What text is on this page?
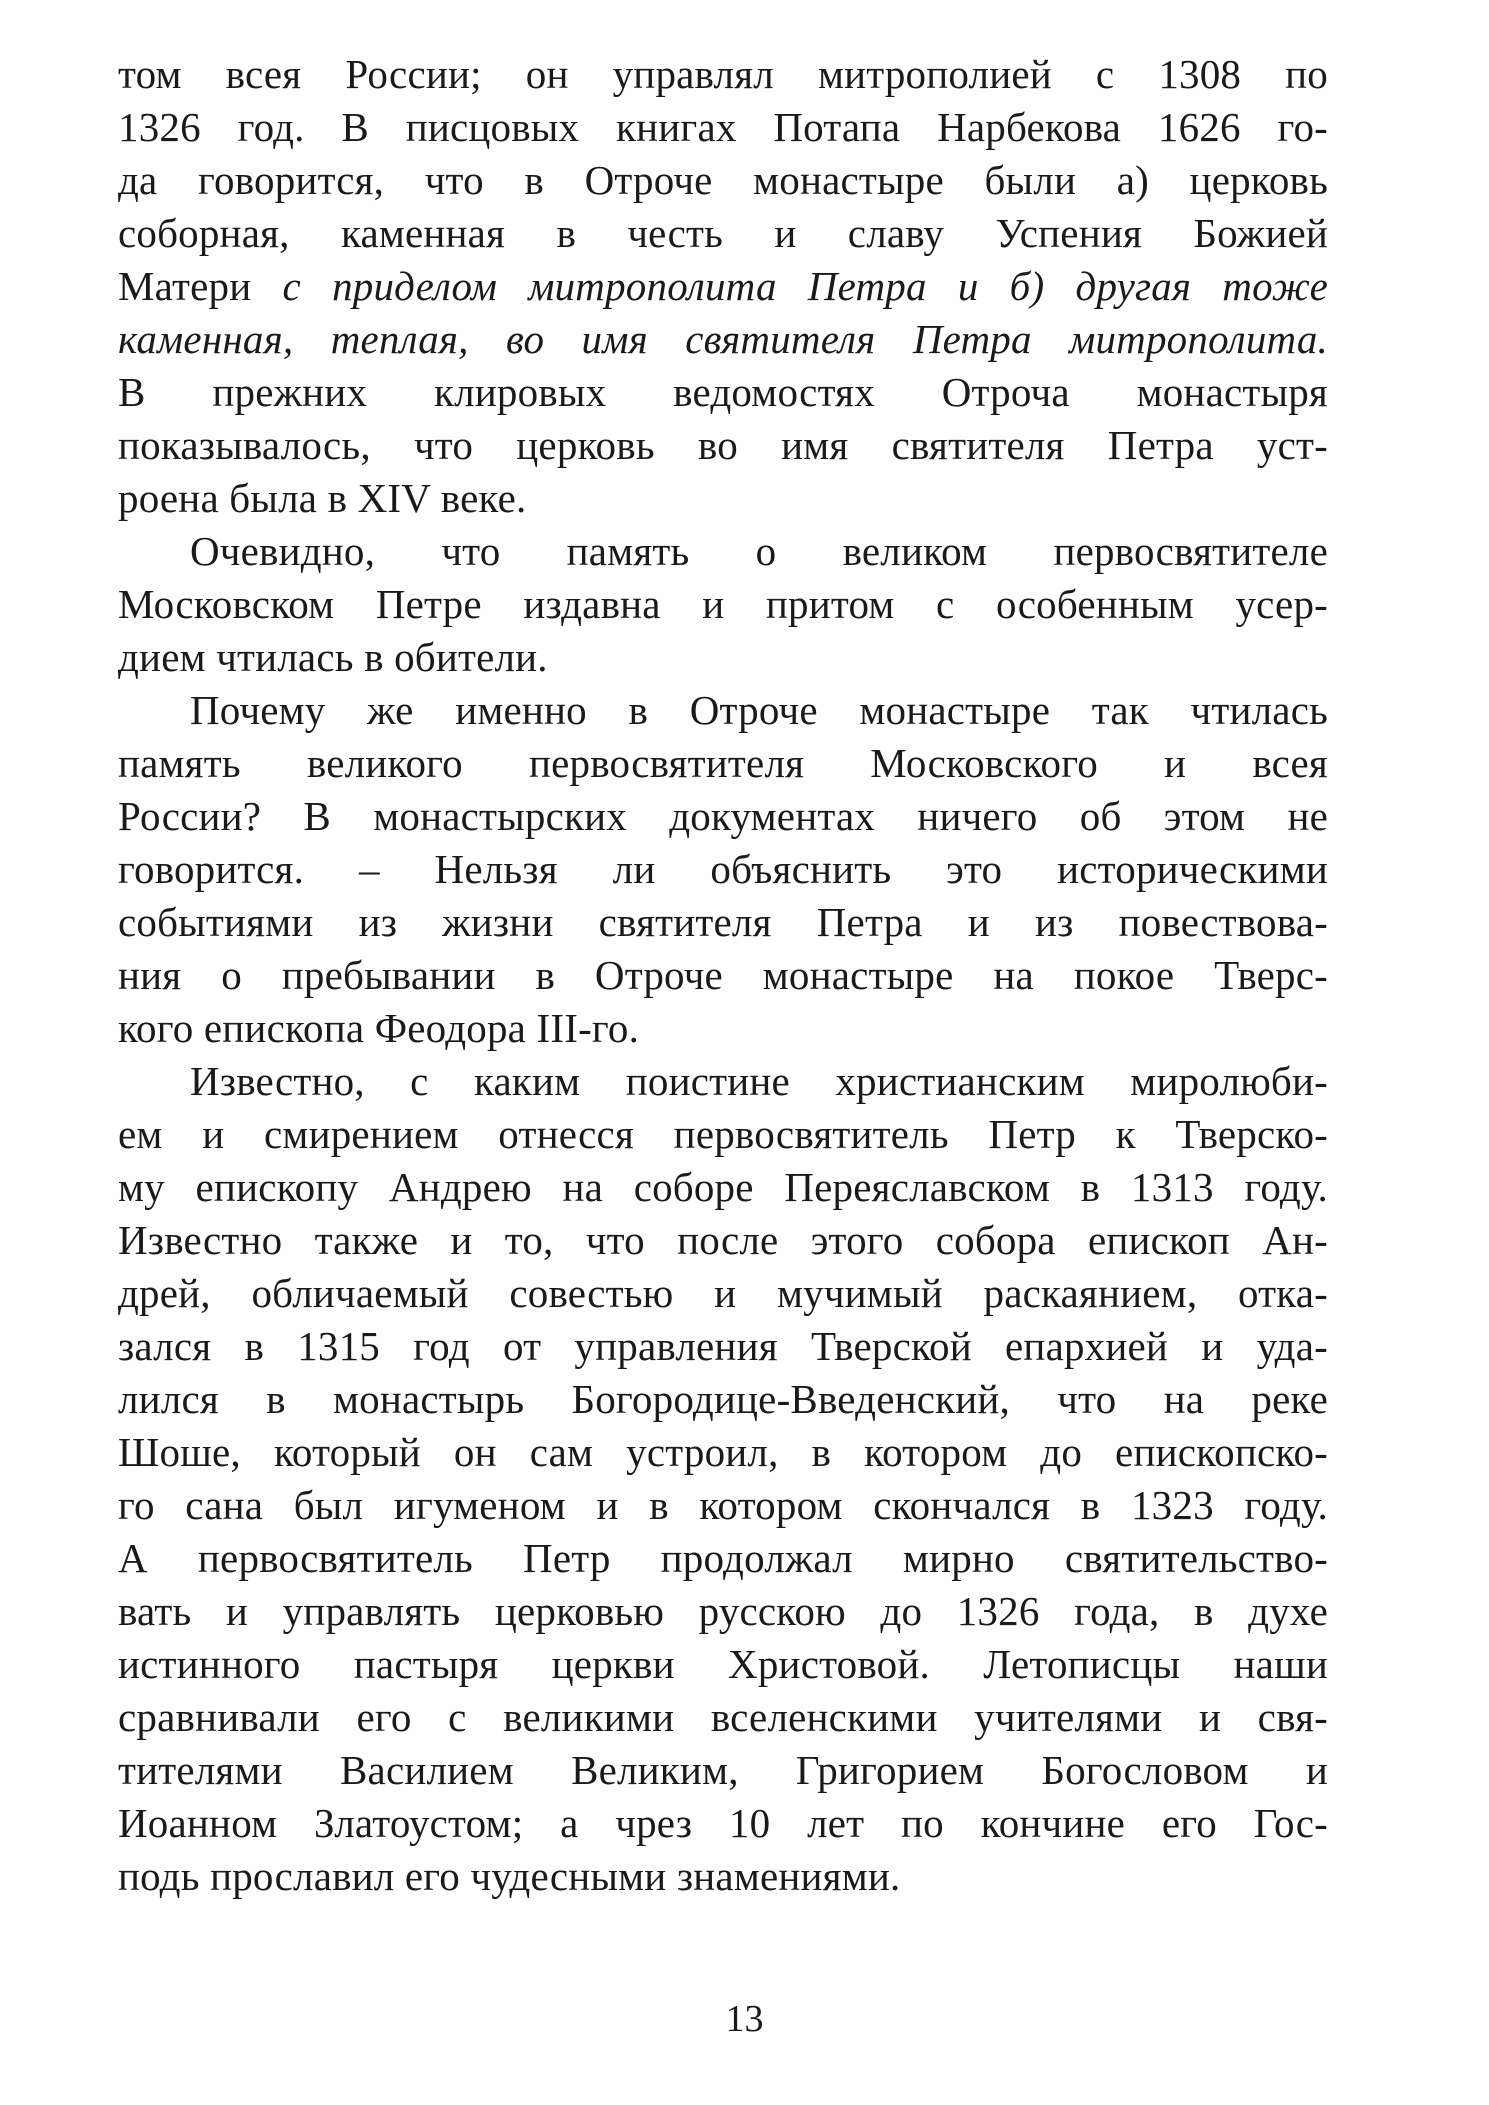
том всея России; он управлял митрополией с 1308 по
1326 год. В писцовых книгах Потапа Нарбекова 1626 го-
да говорится, что в Отроче монастыре были а) церковь
соборная, каменная в честь и славу Успения Божией
Матери с приделом митрополита Петра и б) другая тоже
каменная, теплая, во имя святителя Петра митрополита.
В прежних клировых ведомостях Отроча монастыря
показывалось, что церковь во имя святителя Петра уст-
роена была в XIV веке.
Очевидно, что память о великом первосвятителе
Московском Петре издавна и притом с особенным усер-
дием чтилась в обители.
Почему же именно в Отроче монастыре так чтилась
память великого первосвятителя Московского и всея
России? В монастырских документах ничего об этом не
говорится. – Нельзя ли объяснить это историческими
событиями из жизни святителя Петра и из повествова-
ния о пребывании в Отроче монастыре на покое Тверс-
кого епископа Феодора III-го.
Известно, с каким поистине христианским миролюби-
ем и смирением отнесся первосвятитель Петр к Тверско-
му епископу Андрею на соборе Переяславском в 1313 году.
Известно также и то, что после этого собора епископ Ан-
дрей, обличаемый совестью и мучимый раскаянием, отка-
зался в 1315 год от управления Тверской епархией и уда-
лился в монастырь Богородице-Введенский, что на реке
Шоше, который он сам устроил, в котором до епископско-
го сана был игуменом и в котором скончался в 1323 году.
А первосвятитель Петр продолжал мирно святительство-
вать и управлять церковью русскою до 1326 года, в духе
истинного пастыря церкви Христовой. Летописцы наши
сравнивали его с великими вселенскими учителями и свя-
тителями Василием Великим, Григорием Богословом и
Иоанном Златоустом; а чрез 10 лет по кончине его Гос-
подь прославил его чудесными знамениями.
13
